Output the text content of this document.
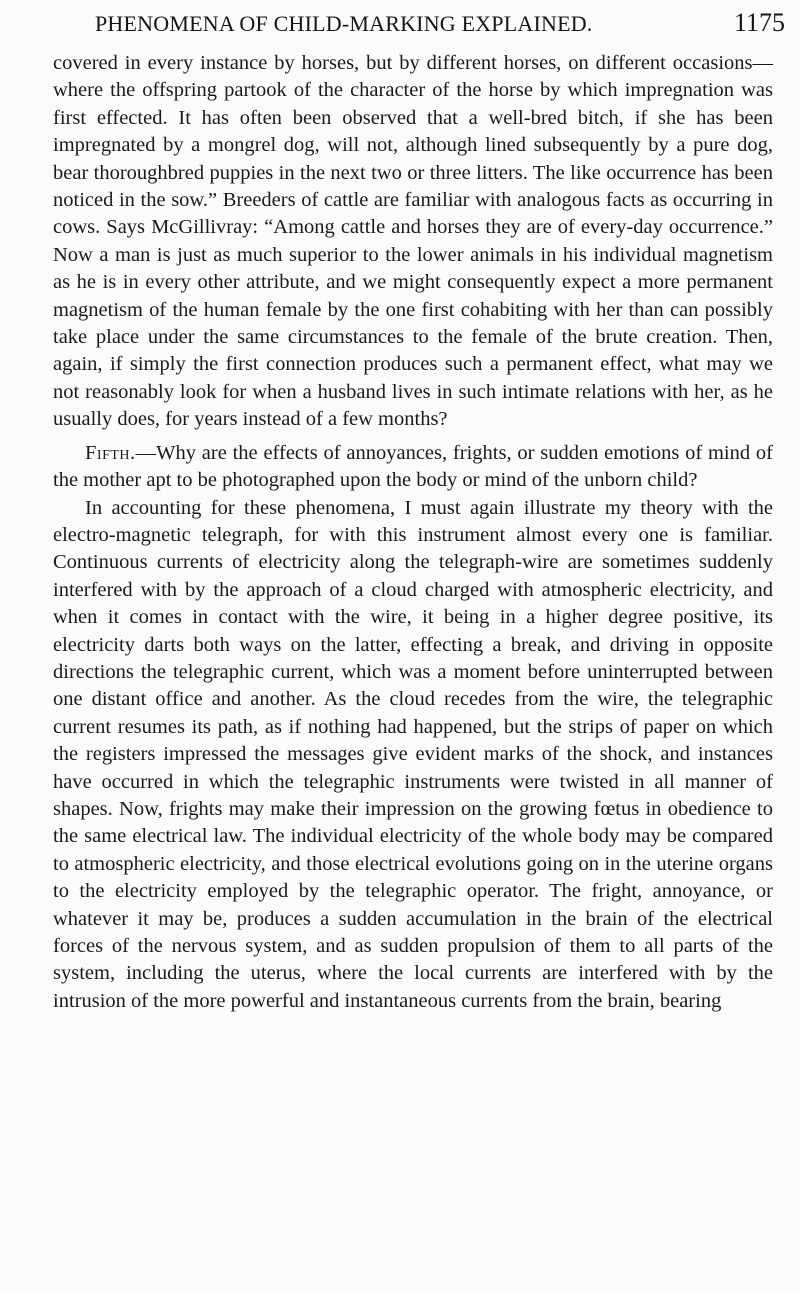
PHENOMENA OF CHILD-MARKING EXPLAINED.	1175

covered in every instance by horses, but by different horses, on different occasions—where the offspring partook of the character of the horse by which impregnation was first effected. It has often been observed that a well-bred bitch, if she has been impregnated by a mongrel dog, will not, although lined subsequently by a pure dog, bear thoroughbred puppies in the next two or three litters. The like occurrence has been noticed in the sow.” Breeders of cattle are familiar with analogous facts as occurring in cows. Says McGillivray: “Among cattle and horses they are of every-day occurrence.” Now a man is just as much superior to the lower animals in his individual magnetism as he is in every other attribute, and we might consequently expect a more permanent magnetism of the human female by the one first cohabiting with her than can possibly take place under the same circumstances to the female of the brute creation. Then, again, if simply the first connection produces such a permanent effect, what may we not reasonably look for when a husband lives in such intimate relations with her, as he usually does, for years instead of a few months?

Fifth.—Why are the effects of annoyances, frights, or sudden emotions of mind of the mother apt to be photographed upon the body or mind of the unborn child?

In accounting for these phenomena, I must again illustrate my theory with the electro-magnetic telegraph, for with this instrument almost every one is familiar. Continuous currents of electricity along the telegraph-wire are sometimes suddenly interfered with by the approach of a cloud charged with atmospheric electricity, and when it comes in contact with the wire, it being in a higher degree positive, its electricity darts both ways on the latter, effecting a break, and driving in opposite directions the telegraphic current, which was a moment before uninterrupted between one distant office and another. As the cloud recedes from the wire, the telegraphic current resumes its path, as if nothing had happened, but the strips of paper on which the registers impressed the messages give evident marks of the shock, and instances have occurred in which the telegraphic instruments were twisted in all manner of shapes. Now, frights may make their impression on the growing fœtus in obedience to the same electrical law. The individual electricity of the whole body may be compared to atmospheric electricity, and those electrical evolutions going on in the uterine organs to the electricity employed by the telegraphic operator. The fright, annoyance, or whatever it may be, produces a sudden accumulation in the brain of the electrical forces of the nervous system, and as sudden propulsion of them to all parts of the system, including the uterus, where the local currents are interfered with by the intrusion of the more powerful and instantaneous currents from the brain, bearing
